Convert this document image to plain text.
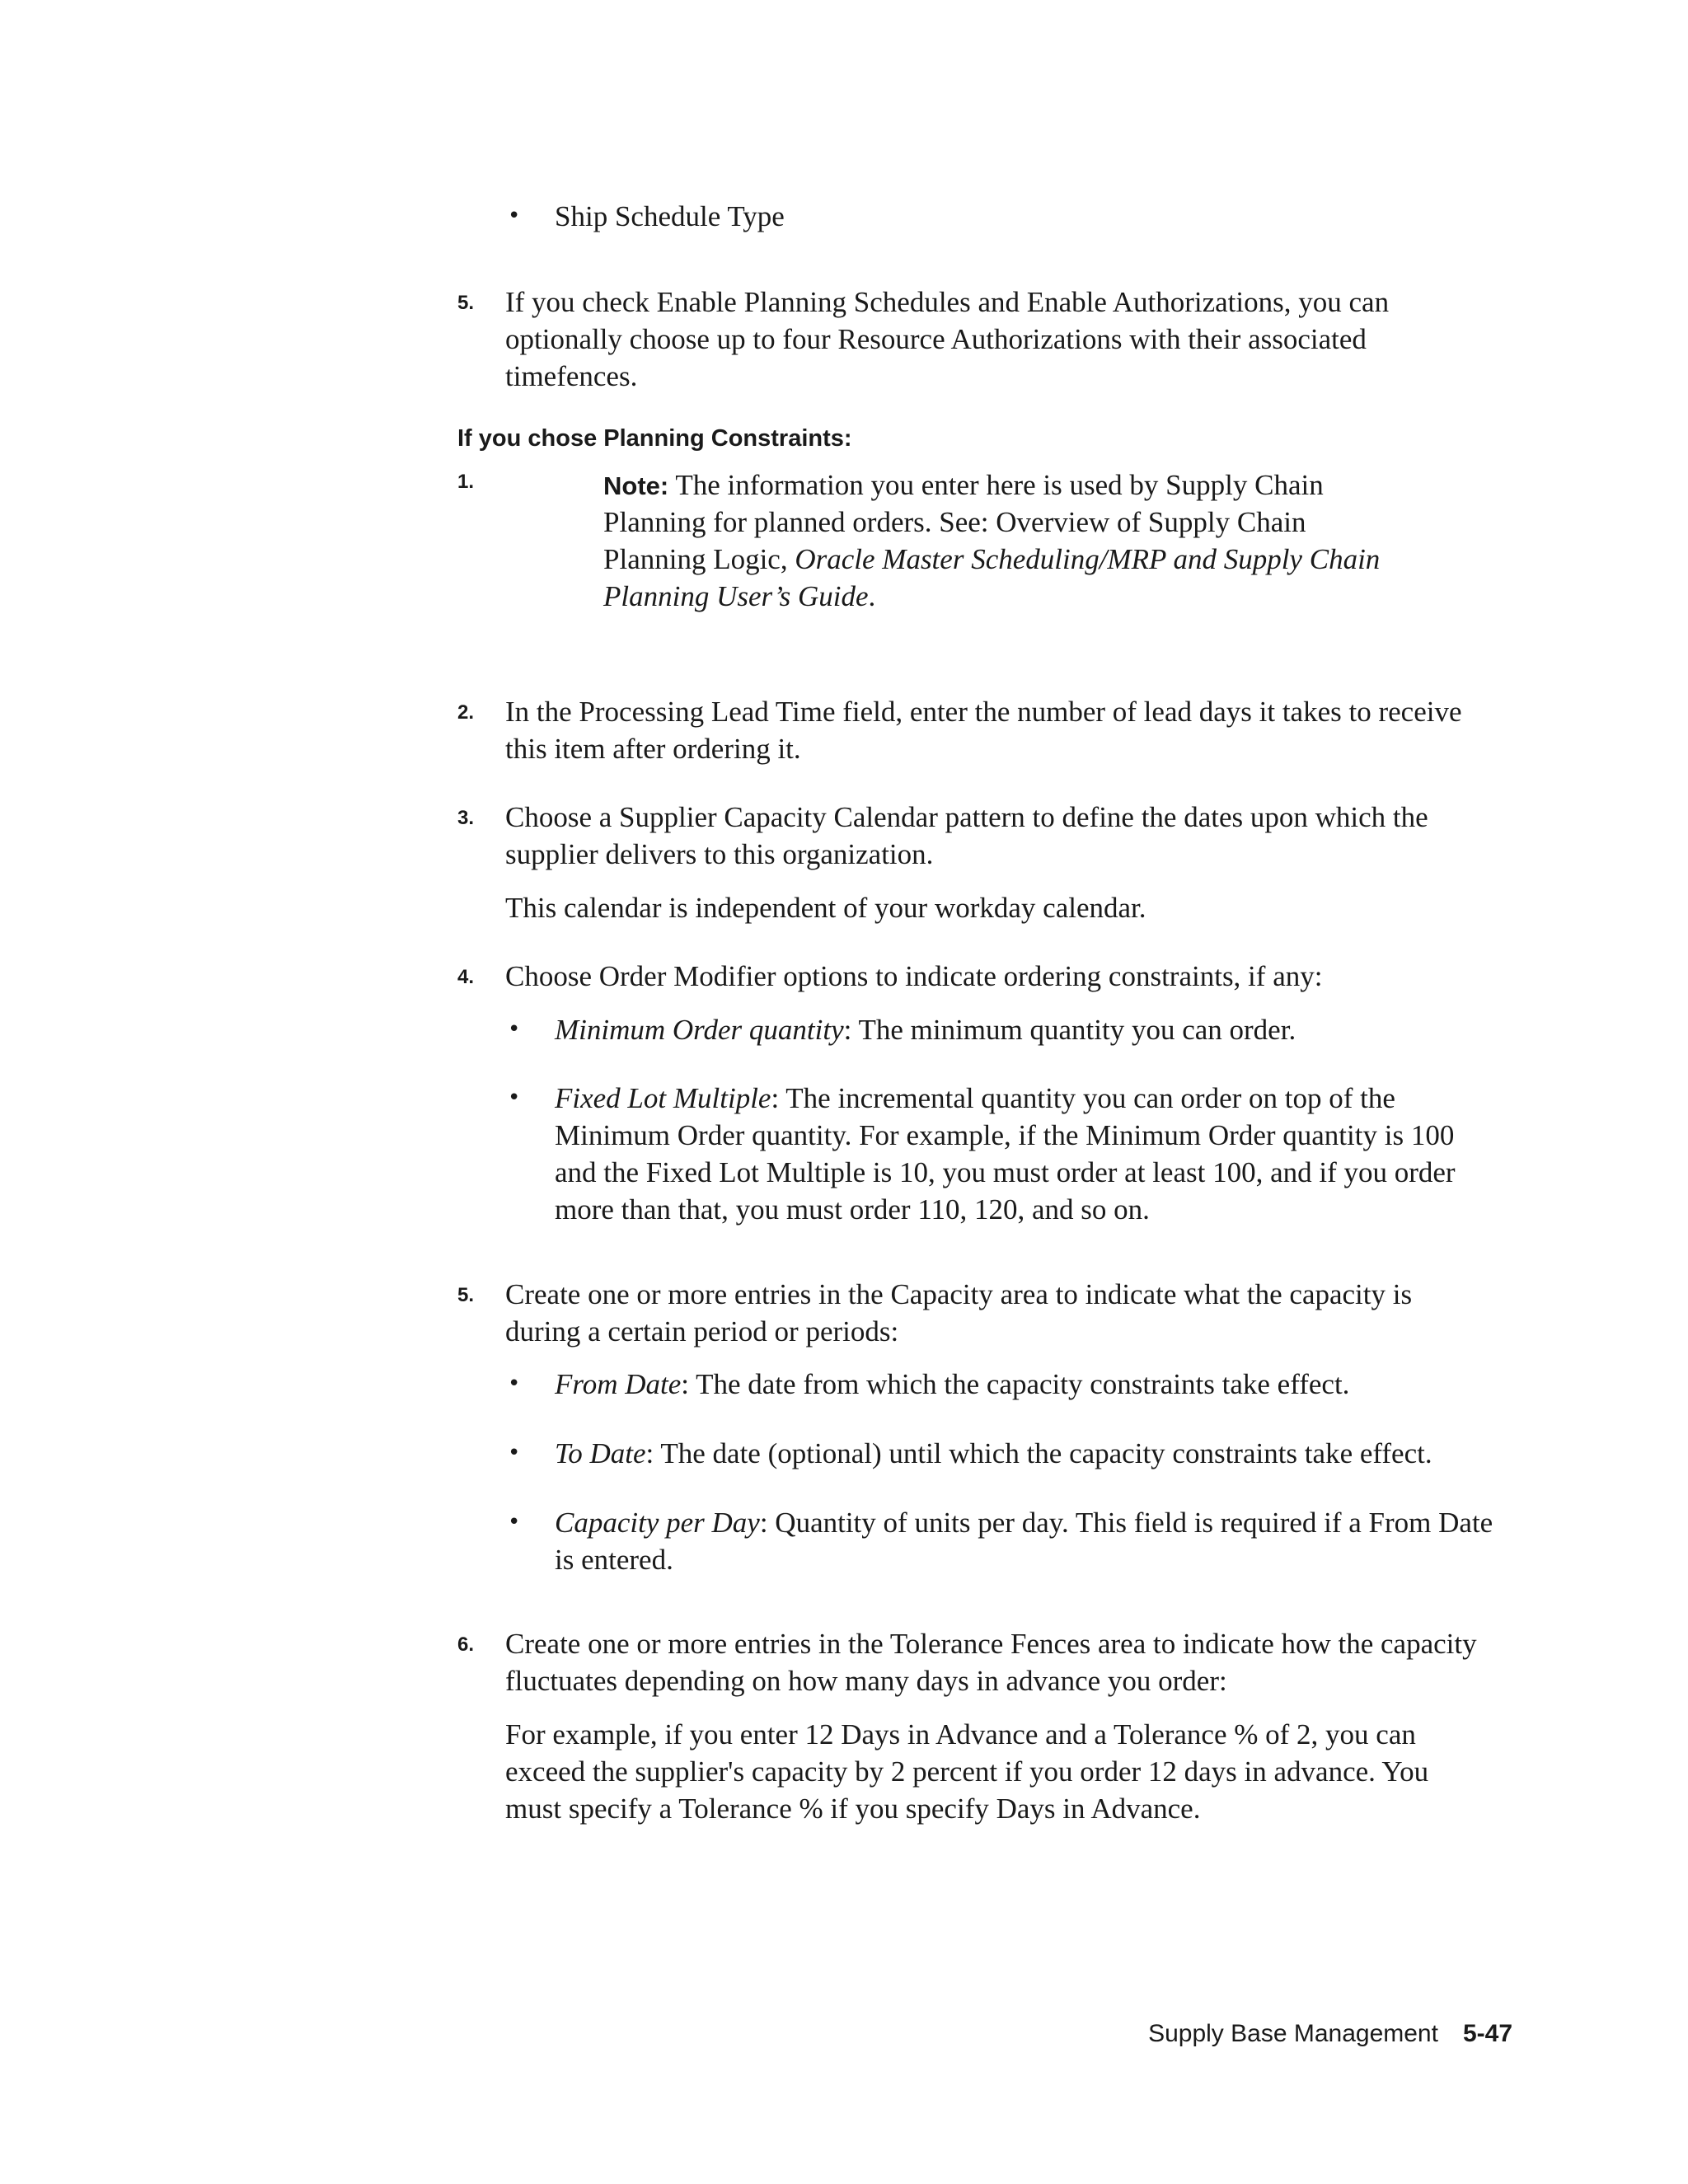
• Ship Schedule Type
5. If you check Enable Planning Schedules and Enable Authorizations, you can
optionally choose up to four Resource Authorizations with their associated
timefences.
If you chose Planning Constraints:
1.	Note: The information you enter here is used by Supply Chain
Planning for planned orders. See: Overview of Supply Chain
Planning Logic, Oracle Master Scheduling/MRP and Supply Chain
Planning User’s Guide.
2. In the Processing Lead Time field, enter the number of lead days it takes to receive
this item after ordering it.
3. Choose a Supplier Capacity Calendar pattern to define the dates upon which the
supplier delivers to this organization.
This calendar is independent of your workday calendar.
4. Choose Order Modifier options to indicate ordering constraints, if any:
• Minimum Order quantity: The minimum quantity you can order.
• Fixed Lot Multiple: The incremental quantity you can order on top of the
Minimum Order quantity. For example, if the Minimum Order quantity is 100
and the Fixed Lot Multiple is 10, you must order at least 100, and if you order
more than that, you must order 110, 120, and so on.
5. Create one or more entries in the Capacity area to indicate what the capacity is
during a certain period or periods:
• From Date: The date from which the capacity constraints take effect.
• To Date: The date (optional) until which the capacity constraints take effect.
• Capacity per Day: Quantity of units per day. This field is required if a From Date
is entered.
6. Create one or more entries in the Tolerance Fences area to indicate how the capacity
fluctuates depending on how many days in advance you order:
For example, if you enter 12 Days in Advance and a Tolerance % of 2, you can
exceed the supplier's capacity by 2 percent if you order 12 days in advance. You
must specify a Tolerance % if you specify Days in Advance.
Supply Base Management 5-47
